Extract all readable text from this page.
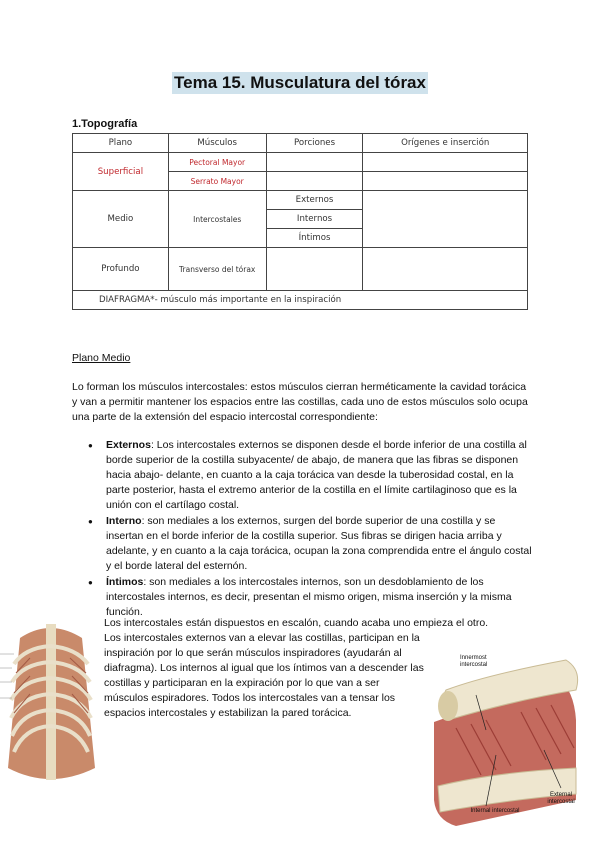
Tema 15. Musculatura del tórax
1.Topografía
Plano	Músculos	Porciones	Orígenes e inserción
Superficial	Pectoral Mayor		
	Serrato Mayor		
Medio	Intercostales	Externos	
		Internos	
		Íntimos	
Profundo	Transverso del tórax		
DIAFRAGMA*- músculo más importante en la inspiración			
Plano Medio
Lo forman los músculos intercostales: estos músculos cierran herméticamente la cavidad torácica y van a permitir mantener los espacios entre las costillas, cada uno de estos músculos solo ocupa una parte de la extensión del espacio intercostal correspondiente:
● Externos: Los intercostales externos se disponen desde el borde inferior de una costilla al borde superior de la costilla subyacente/ de abajo, de manera que las fibras se disponen hacia abajo- delante, en cuanto a la caja torácica van desde la tuberosidad costal, en la parte posterior, hasta el extremo anterior de la costilla en el límite cartilaginoso que es la unión con el cartílago costal.
● Interno: son mediales a los externos, surgen del borde superior de una costilla y se insertan en el borde inferior de la costilla superior. Sus fibras se dirigen hacia arriba y adelante, y en cuanto a la caja torácica, ocupan la zona comprendida entre el ángulo costal y el borde lateral del esternón.
● Íntimos: son mediales a los intercostales internos, son un desdoblamiento de los intercostales internos, es decir, presentan el mismo origen, misma inserción y la misma función.
Los intercostales están dispuestos en escalón, cuando acaba uno empieza el otro.
Los intercostales externos van a elevar las costillas, participan en la inspiración por lo que serán músculos inspiradores (ayudarán al diafragma). Los internos al igual que los íntimos van a descender las costillas y participaran en la expiración por lo que van a ser músculos espiradores. Todos los intercostales van a tensar los espacios intercostales y estabilizan la pared torácica.
Innermost intercostal
External intercostal
Internal intercostal
